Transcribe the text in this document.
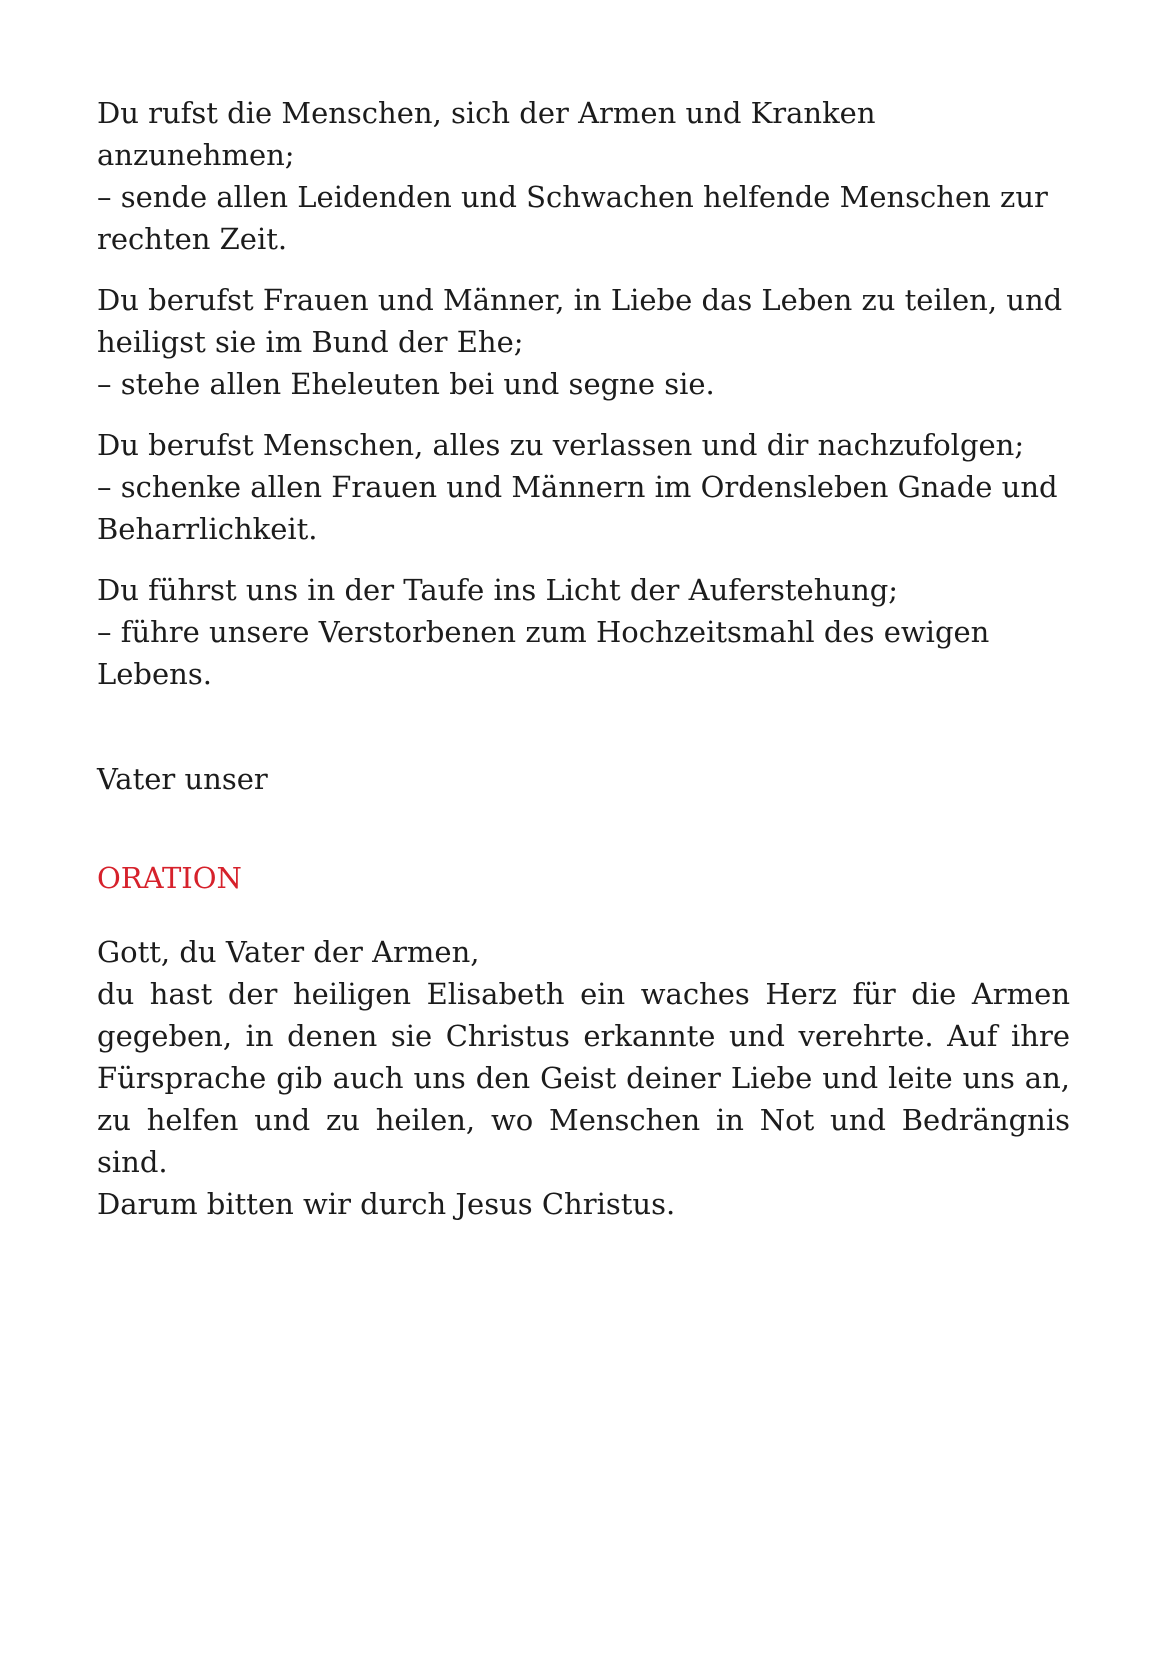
Du rufst die Menschen, sich der Armen und Kranken
anzunehmen;
– sende allen Leidenden und Schwachen helfende Menschen zur
rechten Zeit.
Du berufst Frauen und Männer, in Liebe das Leben zu teilen, und
heiligst sie im Bund der Ehe;
– stehe allen Eheleuten bei und segne sie.
Du berufst Menschen, alles zu verlassen und dir nachzufolgen;
– schenke allen Frauen und Männern im Ordensleben Gnade und
Beharrlichkeit.
Du führst uns in der Taufe ins Licht der Auferstehung;
– führe unsere Verstorbenen zum Hochzeitsmahl des ewigen
Lebens.
Vater unser
ORATION
Gott, du Vater der Armen,
du hast der heiligen Elisabeth ein waches Herz für die Armen
gegeben, in denen sie Christus erkannte und verehrte. Auf ihre
Fürsprache gib auch uns den Geist deiner Liebe und leite uns an,
zu helfen und zu heilen, wo Menschen in Not und Bedrängnis sind.
Darum bitten wir durch Jesus Christus.
